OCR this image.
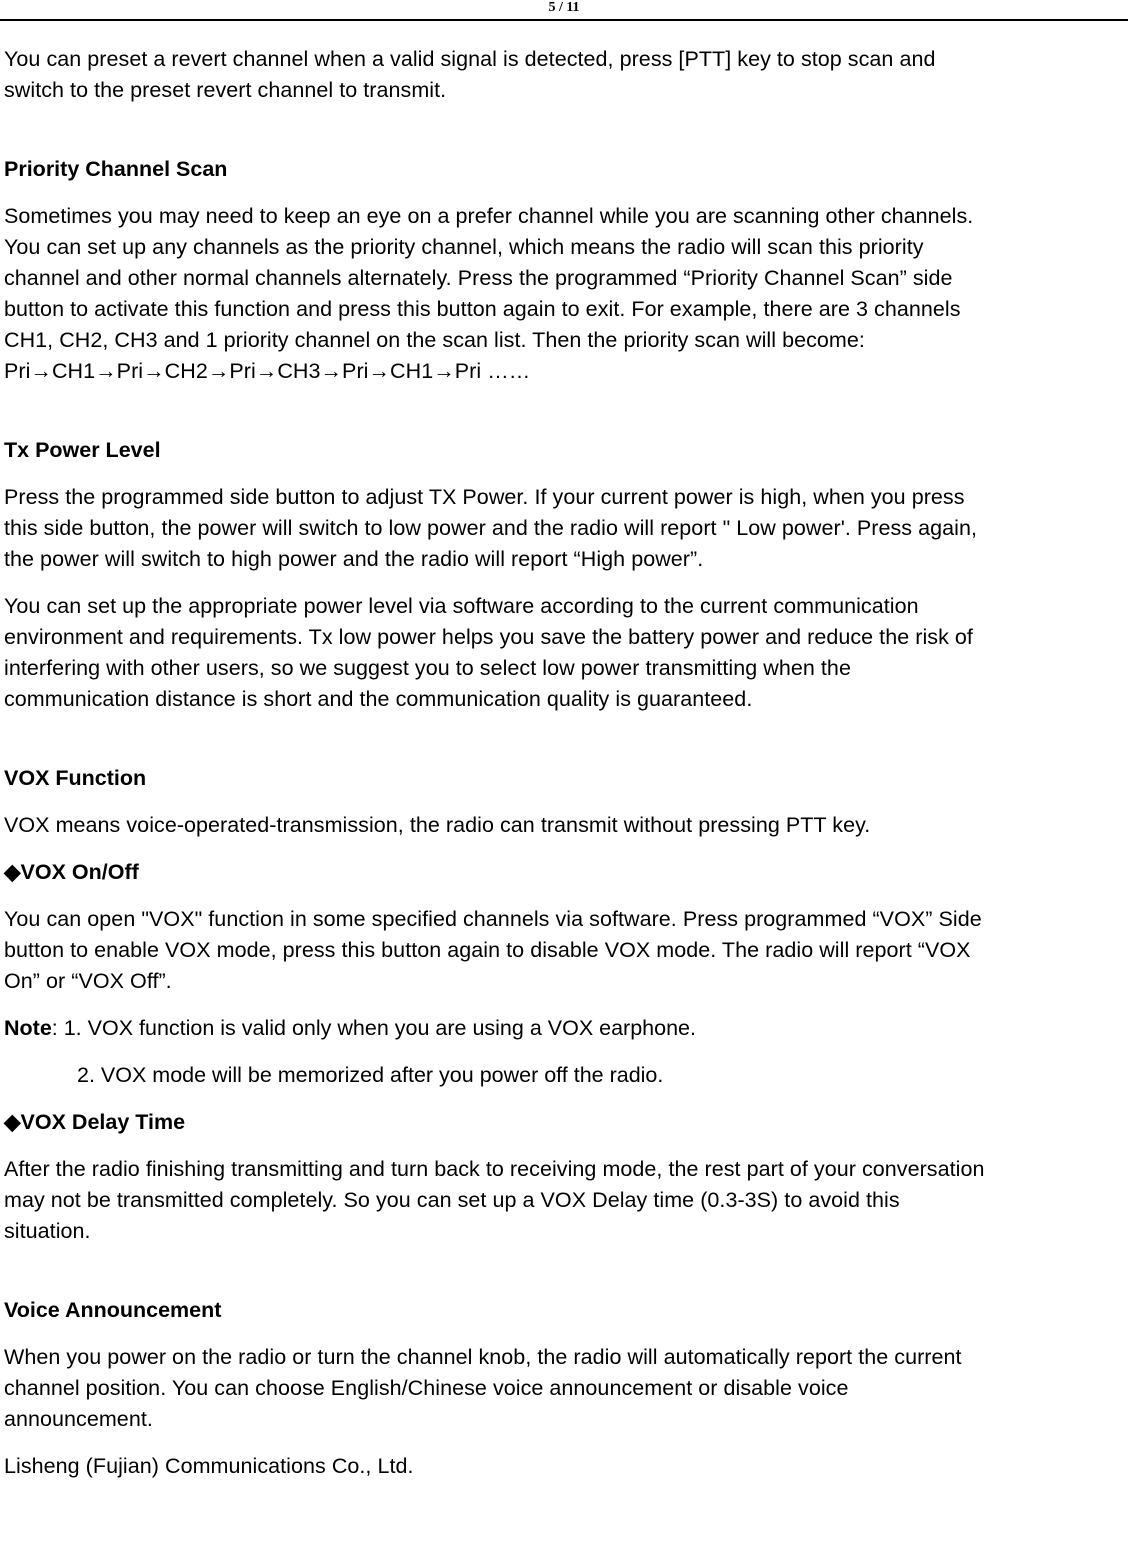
5 / 11

You can preset a revert channel when a valid signal is detected, press [PTT] key to stop scan and
switch to the preset revert channel to transmit.

Priority Channel Scan

Sometimes you may need to keep an eye on a prefer channel while you are scanning other channels.
You can set up any channels as the priority channel, which means the radio will scan this priority
channel and other normal channels alternately. Press the programmed “Priority Channel Scan” side
button to activate this function and press this button again to exit. For example, there are 3 channels
CH1, CH2, CH3 and 1 priority channel on the scan list. Then the priority scan will become:
Pri→CH1→Pri→CH2→Pri→CH3→Pri→CH1→Pri ……

Tx Power Level

Press the programmed side button to adjust TX Power. If your current power is high, when you press
this side button, the power will switch to low power and the radio will report " Low power'. Press again,
the power will switch to high power and the radio will report “High power”.

You can set up the appropriate power level via software according to the current communication
environment and requirements. Tx low power helps you save the battery power and reduce the risk of
interfering with other users, so we suggest you to select low power transmitting when the
communication distance is short and the communication quality is guaranteed.

VOX Function

VOX means voice-operated-transmission, the radio can transmit without pressing PTT key.

◆VOX On/Off

You can open "VOX" function in some specified channels via software. Press programmed “VOX” Side
button to enable VOX mode, press this button again to disable VOX mode. The radio will report “VOX
On” or “VOX Off”.

Note: 1. VOX function is valid only when you are using a VOX earphone.
2. VOX mode will be memorized after you power off the radio.
◆VOX Delay Time

After the radio finishing transmitting and turn back to receiving mode, the rest part of your conversation
may not be transmitted completely. So you can set up a VOX Delay time (0.3-3S) to avoid this
situation.

Voice Announcement

When you power on the radio or turn the channel knob, the radio will automatically report the current
channel position. You can choose English/Chinese voice announcement or disable voice
announcement.

Lisheng (Fujian) Communications Co., Ltd.
